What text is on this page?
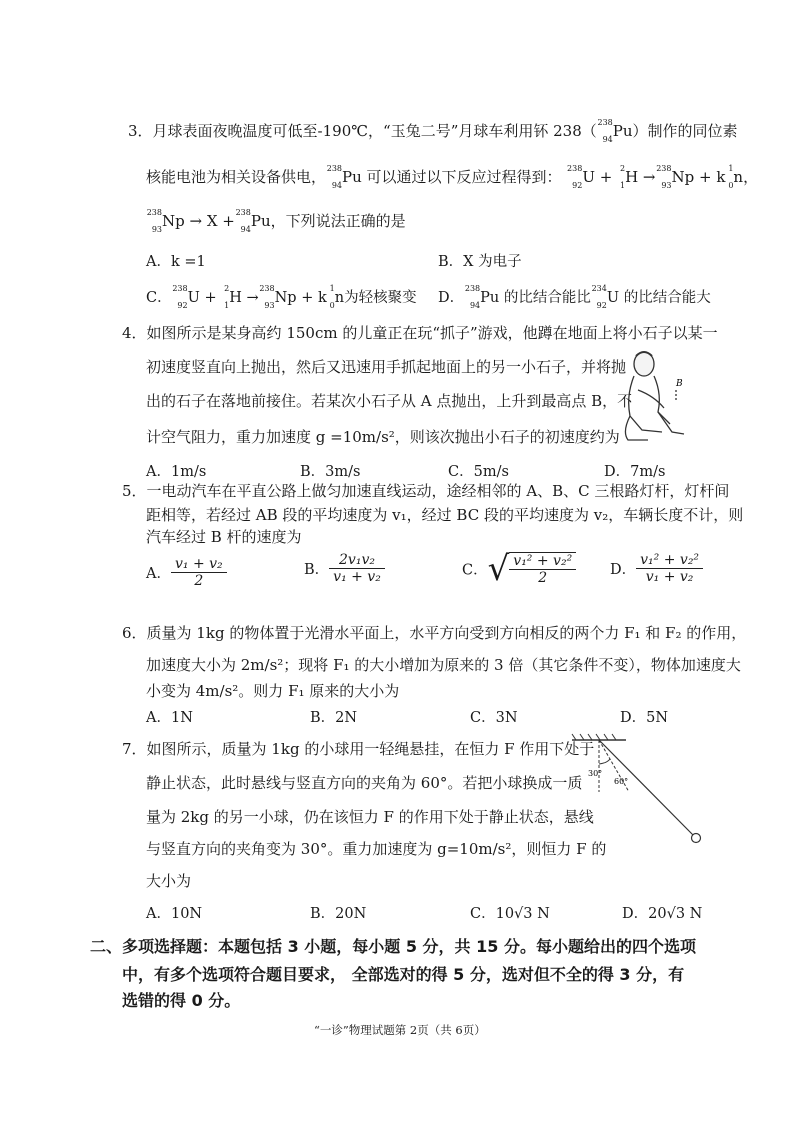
3．月球表面夜晚温度可低至-190℃，“玉兔二号”月球车利用钚 238（ 238
94 Pu）制作的同位素
核能电池为相关设备供电， 238
94 Pu 可以通过以下反应过程得到： 238
92 U + 2
1 H → 238
93 Np + k 1
0 n，
238
93 Np → X + 238
94 Pu，下列说法正确的是
A．k =1	B．X 为电子
C．
238
92 U +
2
1 H →
238
93 Np + k
1
0 n为轻核聚变 D．
238
94 Pu 的比结合能比
234
92 U 的比结合能大
4．如图所示是某身高约 150cm 的儿童正在玩“抓子”游戏，他蹲在地面上将小石子以某一
初速度竖直向上抛出，然后又迅速用手抓起地面上的另一小石子，并将抛
出的石子在落地前接住。若某次小石子从 A 点抛出，上升到最高点 B，不
计空气阻力，重力加速度 g =10m/s²，则该次抛出小石子的初速度约为
B
A．1m/s	B．3m/s	C．5m/s	D．7m/s
5．一电动汽车在平直公路上做匀加速直线运动，途经相邻的 A、B、C 三根路灯杆，灯杆间
距相等，若经过 AB 段的平均速度为 v₁，经过 BC 段的平均速度为 v₂，车辆长度不计，则
汽车经过 B 杆的速度为
A． $\frac{\text{v₁ + v₂}}{2}$	B． $\frac{\text{2v₁v₂}}{\text{v₁ + v₂}}$	C．√ $\frac{\text{v₁² + v₂²}}{2}$ D． $\frac{\text{v₁² + v₂²}}{\text{v₁ + v₂}}$
6．质量为 1kg 的物体置于光滑水平面上，水平方向受到方向相反的两个力 F₁ 和 F₂ 的作用，
加速度大小为 2m/s²；现将 F₁ 的大小增加为原来的 3 倍（其它条件不变），物体加速度大
小变为 4m/s²。则力 F₁ 原来的大小为
A．1N	B．2N	C．3N	D．5N
7．如图所示，质量为 1kg 的小球用一轻绳悬挂，在恒力 F 作用下处于
静止状态，此时悬线与竖直方向的夹角为 60°。若把小球换成一质
量为 2kg 的另一小球，仍在该恒力 F 的作用下处于静止状态，悬线
与竖直方向的夹角变为 30°。重力加速度为 g=10m/s²，则恒力 F 的
大小为
30°
60°
A．10N	B．20N	C．10√3 N	D．20√3 N
二、多项选择题：本题包括 3 小题，每小题 5 分，共 15 分。每小题给出的四个选项
中，有多个选项符合题目要求， 全部选对的得 5 分，选对但不全的得 3 分，有
选错的得 0 分。
“一诊”物理试题第 2页（共 6页）
